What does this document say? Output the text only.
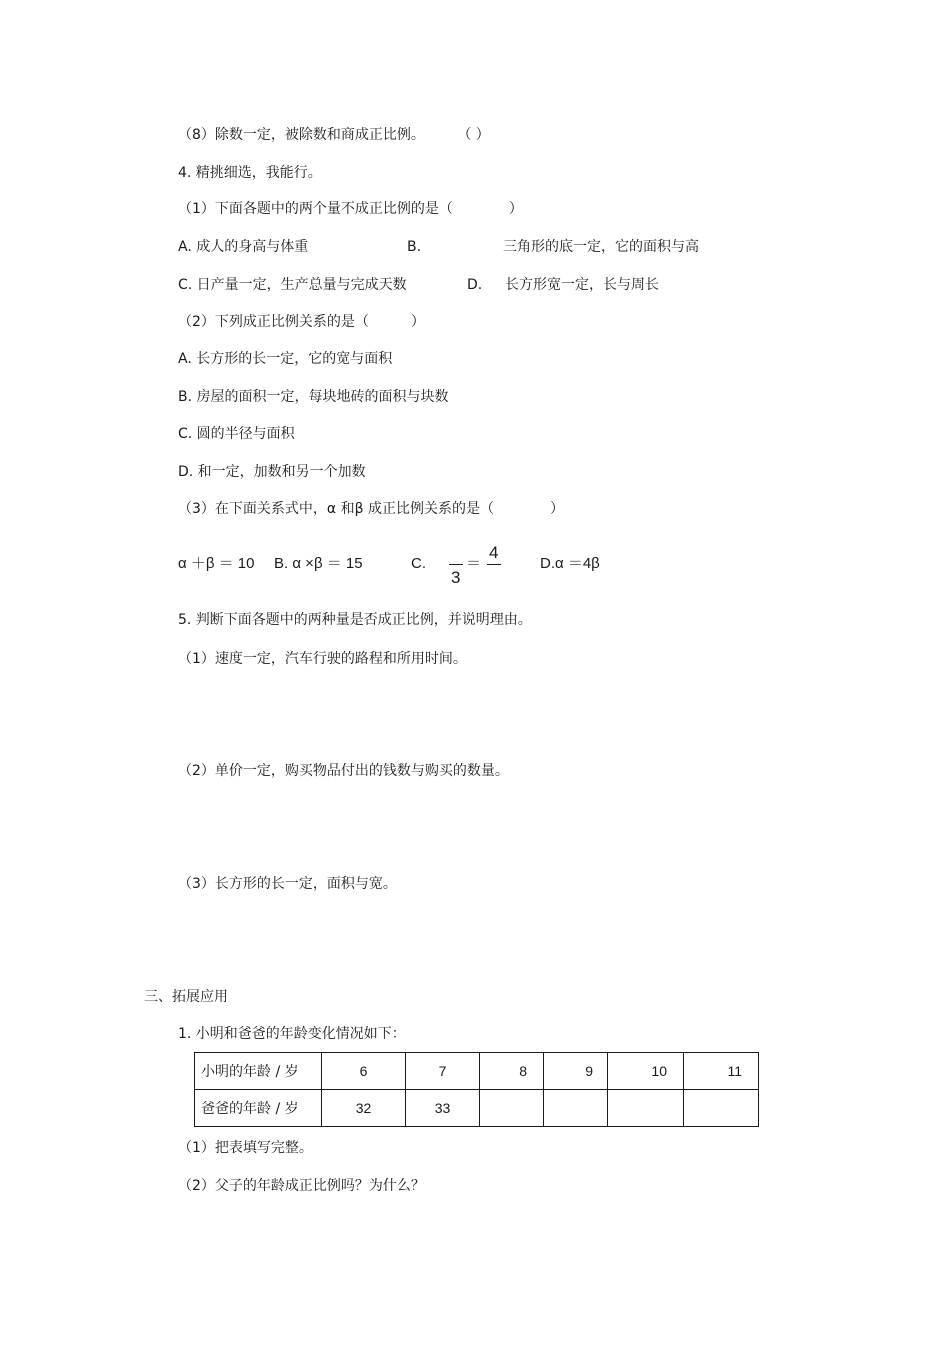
（8）除数一定，被除数和商成正比例。 （ ）
4. 精挑细选，我能行。
（1）下面各题中的两个量不成正比例的是（	）
A. 成人的身高与体重	B.	三角形的底一定，它的面积与高
C. 日产量一定，生产总量与完成天数	D. 长方形宽一定，长与周长
（2）下列成正比例关系的是（	）
A. 长方形的长一定，它的宽与面积
B. 房屋的面积一定，每块地砖的面积与块数
C. 圆的半径与面积
D. 和一定，加数和另一个加数
（3）在下面关系式中，α 和β 成正比例关系的是（	）
α ＋β ＝ 10 B. α ×β ＝ 15	C.
3
＝
4
D.α ＝4β
5. 判断下面各题中的两种量是否成正比例，并说明理由。
（1）速度一定，汽车行驶的路程和所用时间。
（2）单价一定，购买物品付出的钱数与购买的数量。
（3）长方形的长一定，面积与宽。
三、拓展应用
1. 小明和爸爸的年龄变化情况如下：
小明的年龄 / 岁	6	7	8	9	10	11
爸爸的年龄 / 岁	32	33				
（1）把表填写完整。
（2）父子的年龄成正比例吗？为什么？
